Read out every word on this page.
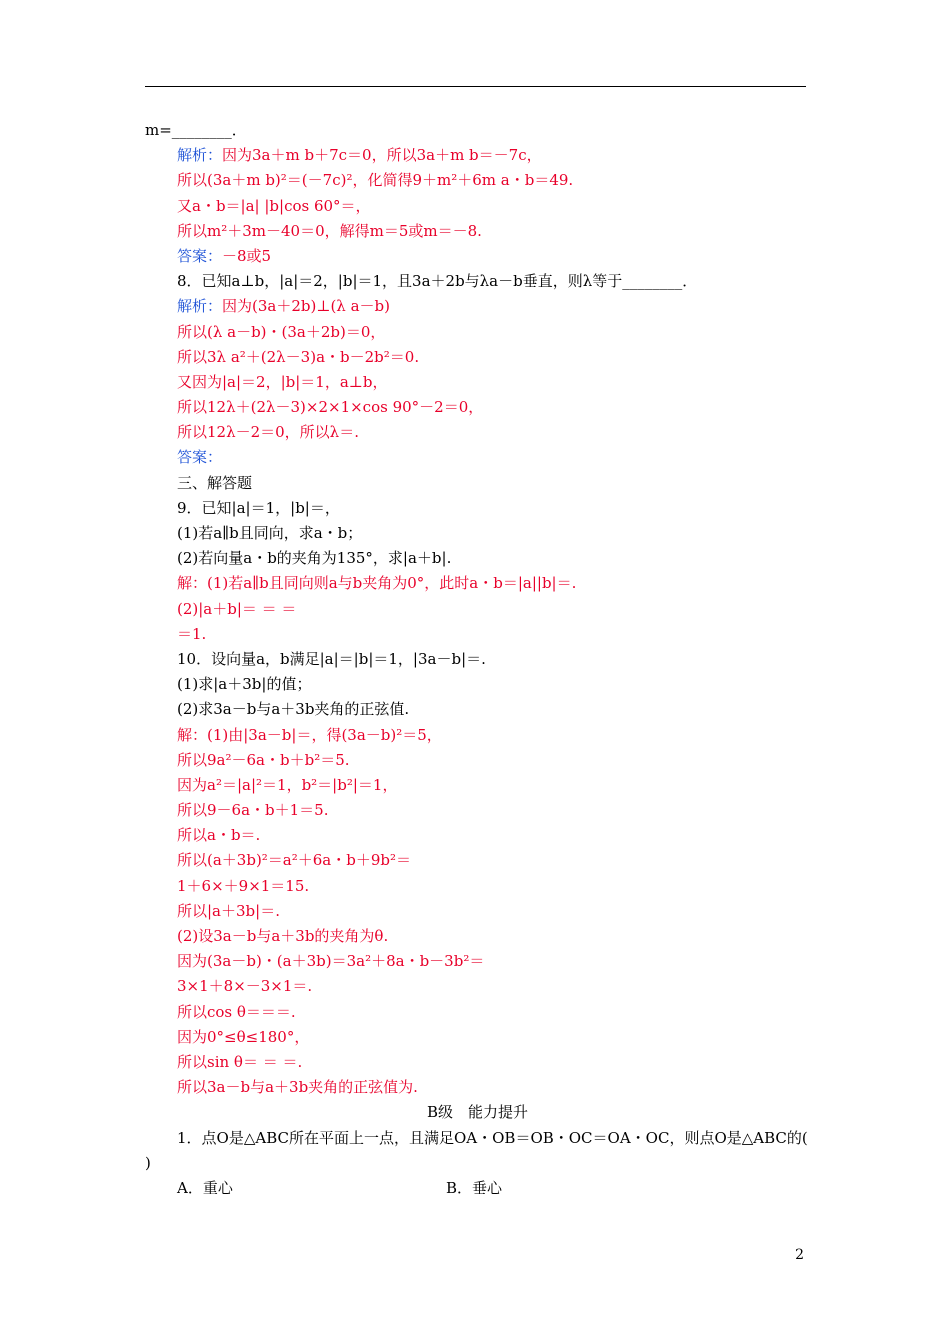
m=________．
解析：因为3a＋m b＋7c＝0，所以3a＋m b＝－7c，
所以(3a＋m b)²＝(－7c)²，化简得9＋m²＋6m a・b＝49.
又a・b＝|a| |b|cos 60°＝，
所以m²＋3m－40＝0，解得m＝5或m＝－8.
答案：－8或5
8．已知a⊥b，|a|＝2，|b|＝1，且3a＋2b与λa－b垂直，则λ等于________．
解析：因为(3a＋2b)⊥(λ a－b)
所以(λ a－b)・(3a＋2b)＝0，
所以3λ a²＋(2λ－3)a・b－2b²＝0.
又因为|a|＝2，|b|＝1，a⊥b，
所以12λ＋(2λ－3)×2×1×cos 90°－2＝0，
所以12λ－2＝0，所以λ＝.
答案：
三、解答题
9．已知|a|＝1，|b|＝，
(1)若a∥b且同向，求a・b；
(2)若向量a・b的夹角为135°，求|a＋b|.
解：(1)若a∥b且同向则a与b夹角为0°，此时a・b＝|a||b|＝.
(2)|a＋b|＝ ＝ ＝
＝1.
10．设向量a，b满足|a|＝|b|＝1，|3a－b|＝.
(1)求|a＋3b|的值；
(2)求3a－b与a＋3b夹角的正弦值.
解：(1)由|3a－b|＝，得(3a－b)²＝5，
所以9a²－6a・b＋b²＝5.
因为a²＝|a|²＝1，b²＝|b²|＝1，
所以9－6a・b＋1＝5.
所以a・b＝.
所以(a＋3b)²＝a²＋6a・b＋9b²＝
1＋6×＋9×1＝15.
所以|a＋3b|＝.
(2)设3a－b与a＋3b的夹角为θ.
因为(3a－b)・(a＋3b)＝3a²＋8a・b－3b²＝
3×1＋8×－3×1＝.
所以cos θ＝＝＝.
因为0°≤θ≤180°，
所以sin θ＝ ＝ ＝.
所以3a－b与a＋3b夹角的正弦值为.
B级　能力提升
1．点O是△ABC所在平面上一点，且满足OA・OB＝OB・OC＝OA・OC，则点O是△ABC的(
)
A．重心	B．垂心
2
